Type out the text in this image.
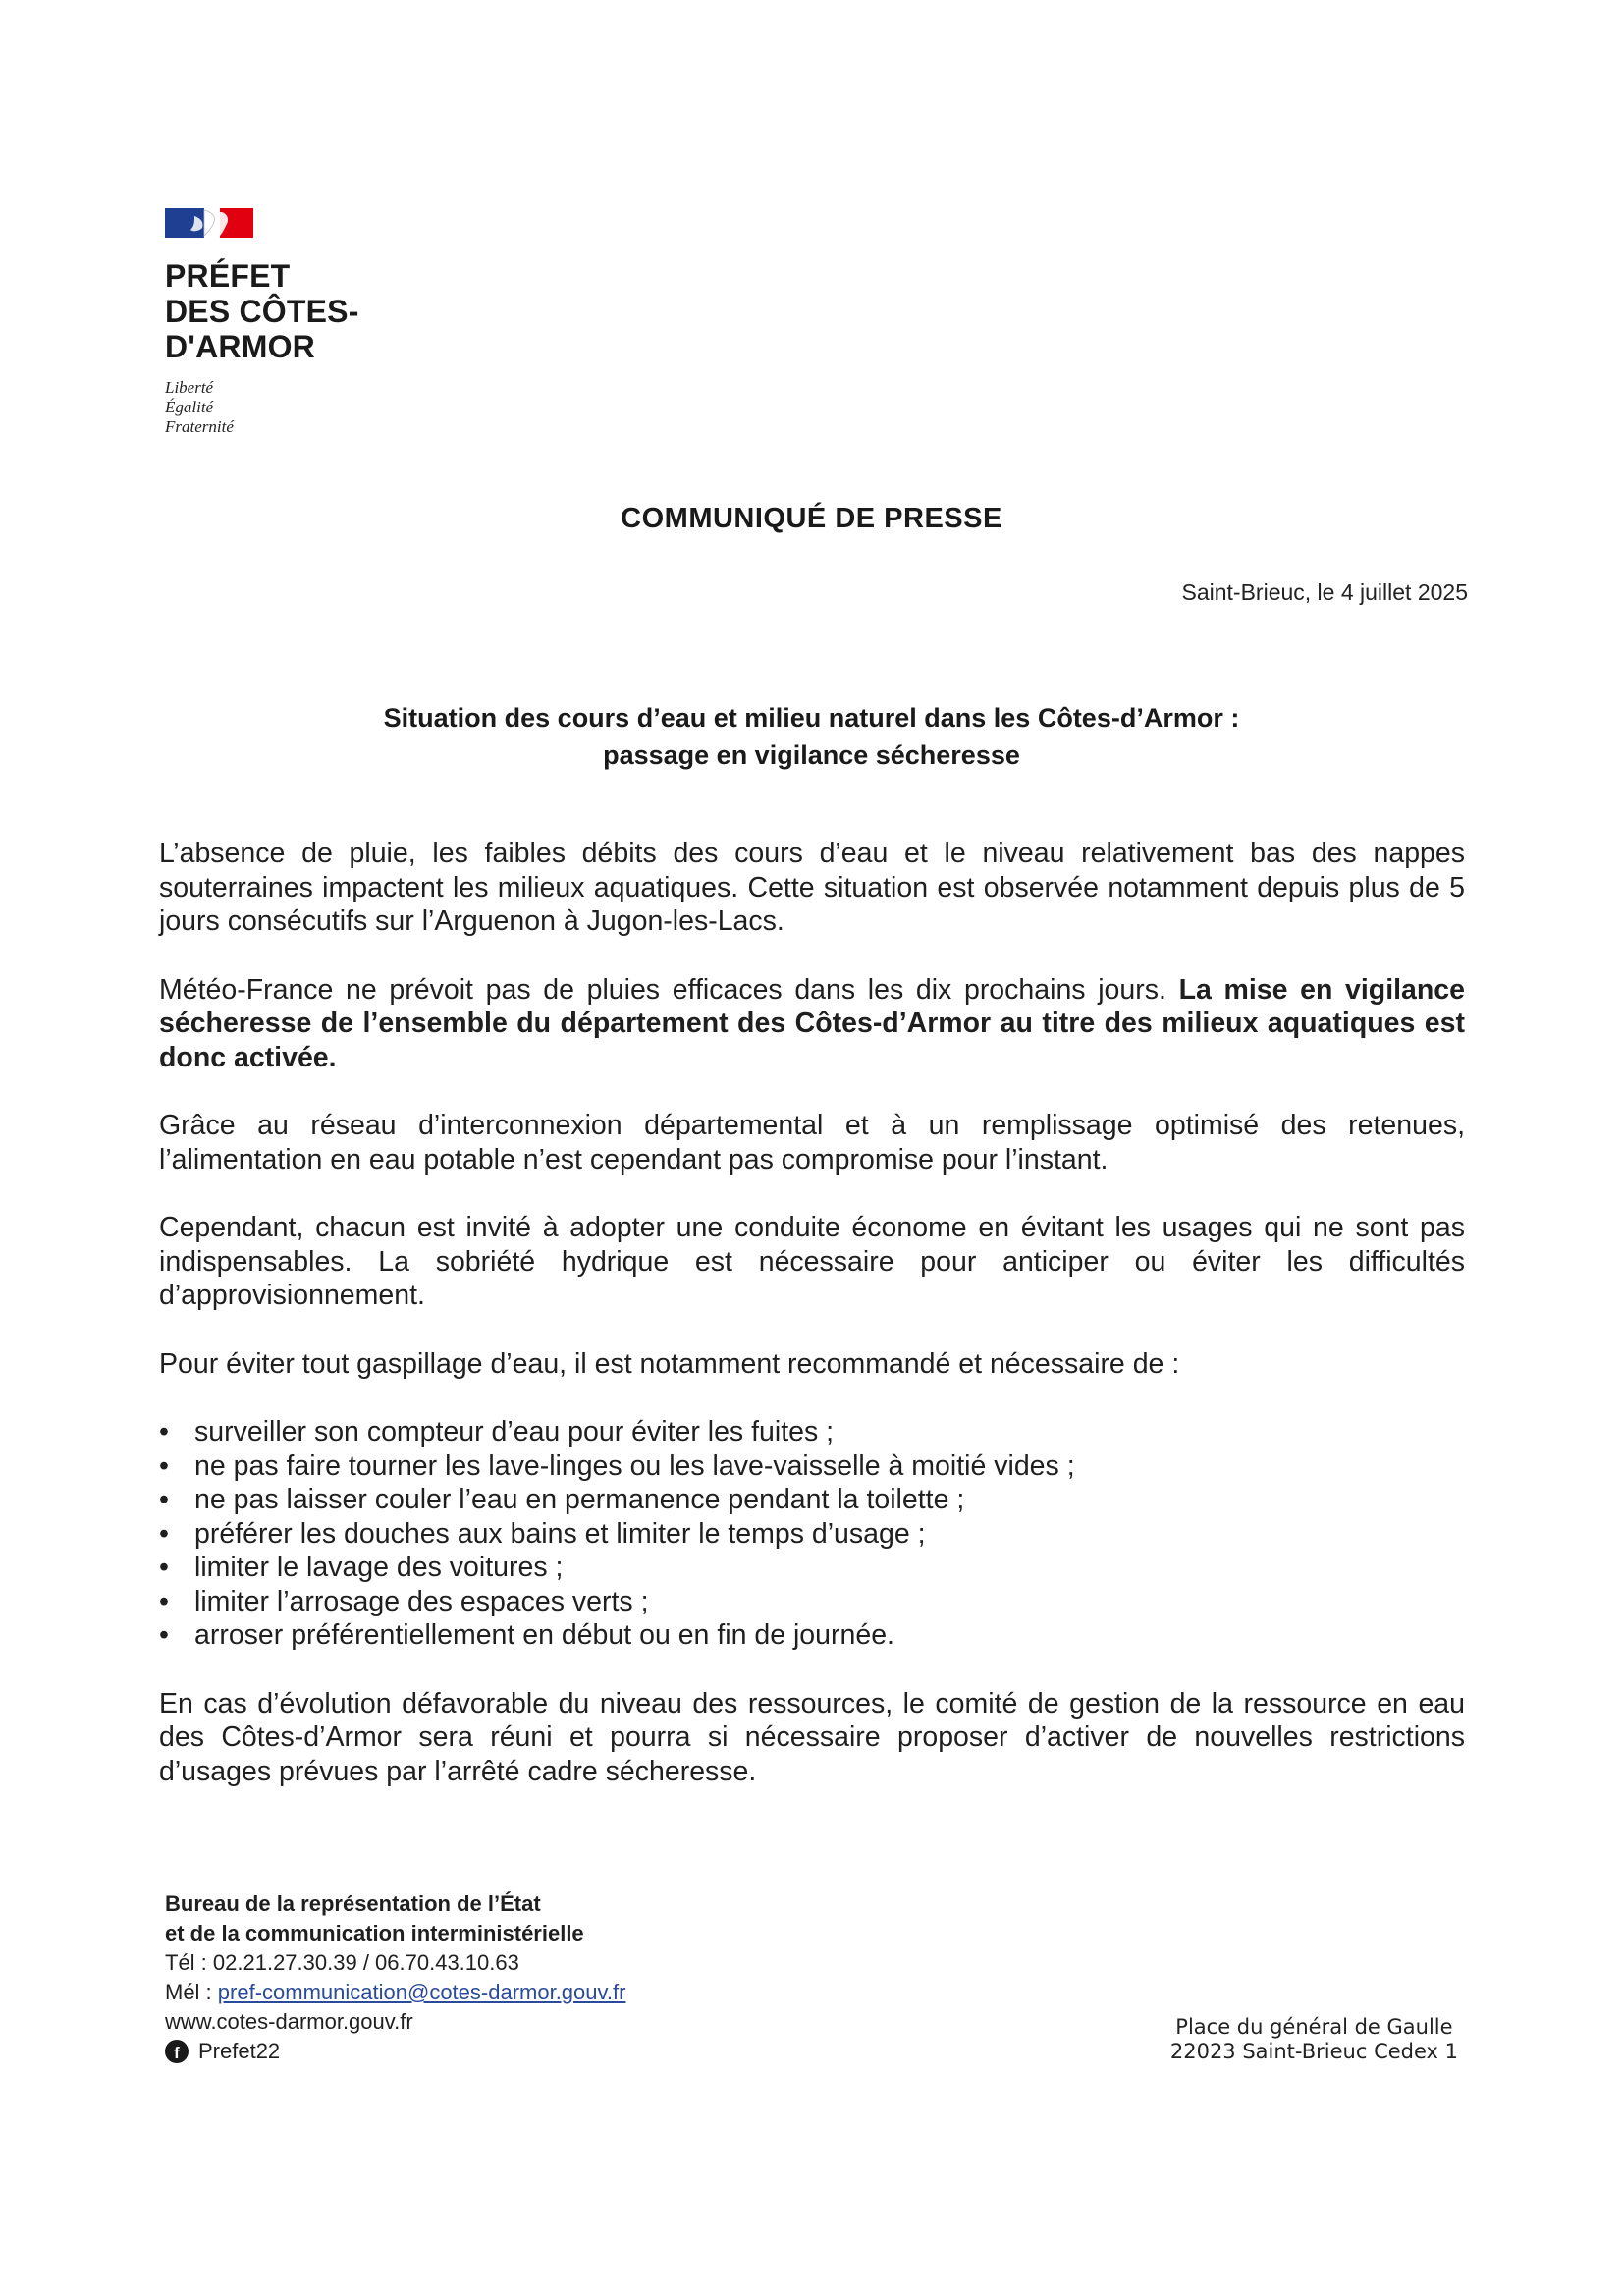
PRÉFET
DES CÔTES-
D'ARMOR
Liberté
Égalité
Fraternité
COMMUNIQUÉ DE PRESSE
Saint-Brieuc, le 4 juillet 2025
Situation des cours d’eau et milieu naturel dans les Côtes-d’Armor :
passage en vigilance sécheresse

L’absence de pluie, les faibles débits des cours d’eau et le niveau relativement bas des nappes souterraines impactent les milieux aquatiques. Cette situation est observée notamment depuis plus de 5 jours consécutifs sur l’Arguenon à Jugon-les-Lacs.

Météo-France ne prévoit pas de pluies efficaces dans les dix prochains jours. La mise en vigilance sécheresse de l’ensemble du département des Côtes-d’Armor au titre des milieux aquatiques est donc activée.

Grâce au réseau d’interconnexion départemental et à un remplissage optimisé des retenues, l’alimentation en eau potable n’est cependant pas compromise pour l’instant.

Cependant, chacun est invité à adopter une conduite économe en évitant les usages qui ne sont pas indispensables. La sobriété hydrique est nécessaire pour anticiper ou éviter les difficultés d’approvisionnement.

Pour éviter tout gaspillage d’eau, il est notamment recommandé et nécessaire de :

• surveiller son compteur d’eau pour éviter les fuites ;
• ne pas faire tourner les lave-linges ou les lave-vaisselle à moitié vides ;
• ne pas laisser couler l’eau en permanence pendant la toilette ;
• préférer les douches aux bains et limiter le temps d’usage ;
• limiter le lavage des voitures ;
• limiter l’arrosage des espaces verts ;
• arroser préférentiellement en début ou en fin de journée.

En cas d’évolution défavorable du niveau des ressources, le comité de gestion de la ressource en eau des Côtes-d’Armor sera réuni et pourra si nécessaire proposer d’activer de nouvelles restrictions d’usages prévues par l’arrêté cadre sécheresse.

Bureau de la représentation de l’État
et de la communication interministérielle
Tél : 02.21.27.30.39 / 06.70.43.10.63
Mél : pref-communication@cotes-darmor.gouv.fr
www.cotes-darmor.gouv.fr
f Prefet22
Place du général de Gaulle
22023 Saint-Brieuc Cedex 1
